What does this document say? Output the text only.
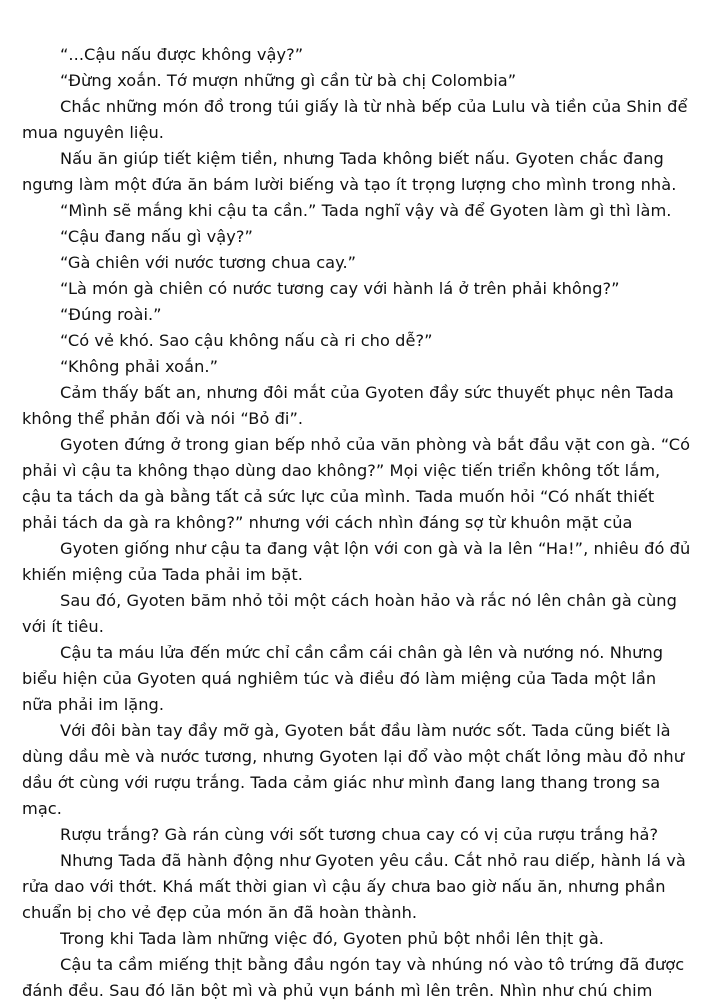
“...Cậu nấu được không vậy?”
“Đừng xoắn. Tớ mượn những gì cần từ bà chị Colombia”
Chắc những món đồ trong túi giấy là từ nhà bếp của Lulu và tiền của Shin để
mua nguyên liệu.
Nấu ăn giúp tiết kiệm tiền, nhưng Tada không biết nấu. Gyoten chắc đang
ngưng làm một đứa ăn bám lười biếng và tạo ít trọng lượng cho mình trong nhà.
“Mình sẽ mắng khi cậu ta cần.” Tada nghĩ vậy và để Gyoten làm gì thì làm.
“Cậu đang nấu gì vậy?”
“Gà chiên với nước tương chua cay.”
“Là món gà chiên có nước tương cay với hành lá ở trên phải không?”
“Đúng roài.”
“Có vẻ khó. Sao cậu không nấu cà ri cho dễ?”
“Không phải xoắn.”
Cảm thấy bất an, nhưng đôi mắt của Gyoten đầy sức thuyết phục nên Tada
không thể phản đối và nói “Bỏ đi”.
Gyoten đứng ở trong gian bếp nhỏ của văn phòng và bắt đầu vặt con gà. “Có
phải vì cậu ta không thạo dùng dao không?” Mọi việc tiến triển không tốt lắm,
cậu ta tách da gà bằng tất cả sức lực của mình. Tada muốn hỏi “Có nhất thiết
phải tách da gà ra không?” nhưng với cách nhìn đáng sợ từ khuôn mặt của
Gyoten giống như cậu ta đang vật lộn với con gà và la lên “Ha!”, nhiêu đó đủ
khiến miệng của Tada phải im bặt.
Sau đó, Gyoten băm nhỏ tỏi một cách hoàn hảo và rắc nó lên chân gà cùng
với ít tiêu.
Cậu ta máu lửa đến mức chỉ cần cầm cái chân gà lên và nướng nó. Nhưng
biểu hiện của Gyoten quá nghiêm túc và điều đó làm miệng của Tada một lần
nữa phải im lặng.
Với đôi bàn tay đầy mỡ gà, Gyoten bắt đầu làm nước sốt. Tada cũng biết là
dùng dầu mè và nước tương, nhưng Gyoten lại đổ vào một chất lỏng màu đỏ như
dầu ớt cùng với rượu trắng. Tada cảm giác như mình đang lang thang trong sa
mạc.
Rượu trắng? Gà rán cùng với sốt tương chua cay có vị của rượu trắng hả?
Nhưng Tada đã hành động như Gyoten yêu cầu. Cắt nhỏ rau diếp, hành lá và
rửa dao với thớt. Khá mất thời gian vì cậu ấy chưa bao giờ nấu ăn, nhưng phần
chuẩn bị cho vẻ đẹp của món ăn đã hoàn thành.
Trong khi Tada làm những việc đó, Gyoten phủ bột nhồi lên thịt gà.
Cậu ta cầm miếng thịt bằng đầu ngón tay và nhúng nó vào tô trứng đã được
đánh đều. Sau đó lăn bột mì và phủ vụn bánh mì lên trên. Nhìn như chú chim
